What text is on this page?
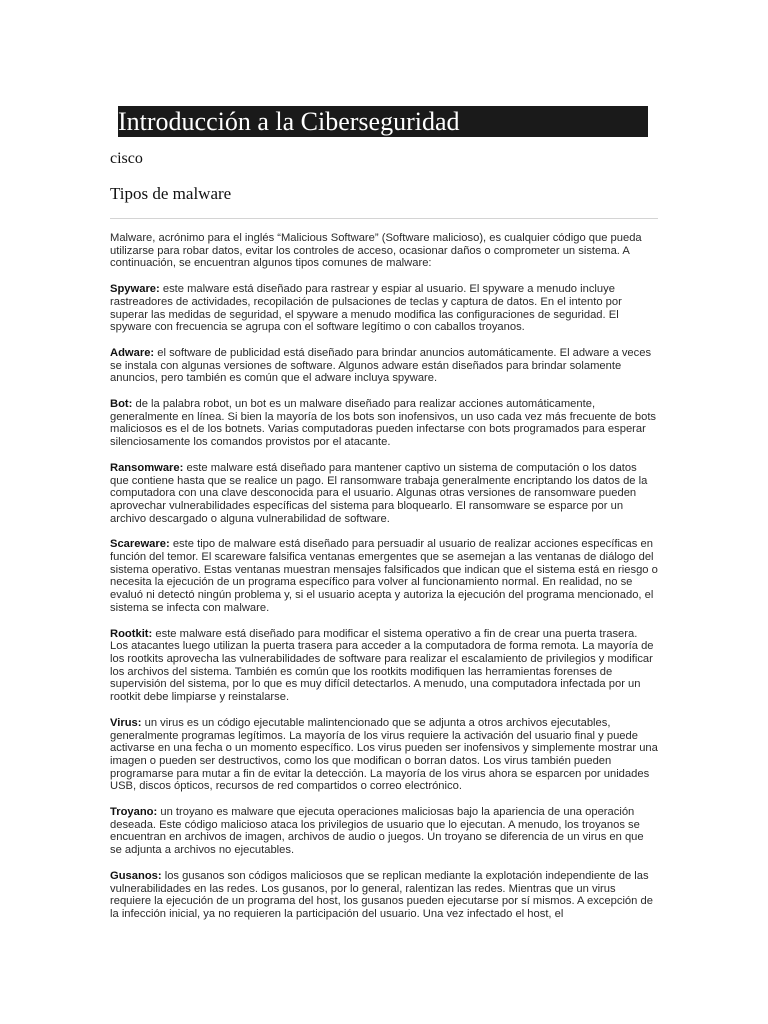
Introducción a la Ciberseguridad
cisco
Tipos de malware

Malware, acrónimo para el inglés “Malicious Software” (Software malicioso), es cualquier código que pueda utilizarse para robar datos, evitar los controles de acceso, ocasionar daños o comprometer un sistema. A continuación, se encuentran algunos tipos comunes de malware:

Spyware: este malware está diseñado para rastrear y espiar al usuario. El spyware a menudo incluye rastreadores de actividades, recopilación de pulsaciones de teclas y captura de datos. En el intento por superar las medidas de seguridad, el spyware a menudo modifica las configuraciones de seguridad. El spyware con frecuencia se agrupa con el software legítimo o con caballos troyanos.

Adware: el software de publicidad está diseñado para brindar anuncios automáticamente. El adware a veces se instala con algunas versiones de software. Algunos adware están diseñados para brindar solamente anuncios, pero también es común que el adware incluya spyware.

Bot: de la palabra robot, un bot es un malware diseñado para realizar acciones automáticamente, generalmente en línea. Si bien la mayoría de los bots son inofensivos, un uso cada vez más frecuente de bots maliciosos es el de los botnets. Varias computadoras pueden infectarse con bots programados para esperar silenciosamente los comandos provistos por el atacante.

Ransomware: este malware está diseñado para mantener captivo un sistema de computación o los datos que contiene hasta que se realice un pago. El ransomware trabaja generalmente encriptando los datos de la computadora con una clave desconocida para el usuario. Algunas otras versiones de ransomware pueden aprovechar vulnerabilidades específicas del sistema para bloquearlo. El ransomware se esparce por un archivo descargado o alguna vulnerabilidad de software.

Scareware: este tipo de malware está diseñado para persuadir al usuario de realizar acciones específicas en función del temor. El scareware falsifica ventanas emergentes que se asemejan a las ventanas de diálogo del sistema operativo. Estas ventanas muestran mensajes falsificados que indican que el sistema está en riesgo o necesita la ejecución de un programa específico para volver al funcionamiento normal. En realidad, no se evaluó ni detectó ningún problema y, si el usuario acepta y autoriza la ejecución del programa mencionado, el sistema se infecta con malware.

Rootkit: este malware está diseñado para modificar el sistema operativo a fin de crear una puerta trasera. Los atacantes luego utilizan la puerta trasera para acceder a la computadora de forma remota. La mayoría de los rootkits aprovecha las vulnerabilidades de software para realizar el escalamiento de privilegios y modificar los archivos del sistema. También es común que los rootkits modifiquen las herramientas forenses de supervisión del sistema, por lo que es muy difícil detectarlos. A menudo, una computadora infectada por un rootkit debe limpiarse y reinstalarse.

Virus: un virus es un código ejecutable malintencionado que se adjunta a otros archivos ejecutables, generalmente programas legítimos. La mayoría de los virus requiere la activación del usuario final y puede activarse en una fecha o un momento específico. Los virus pueden ser inofensivos y simplemente mostrar una imagen o pueden ser destructivos, como los que modifican o borran datos. Los virus también pueden programarse para mutar a fin de evitar la detección. La mayoría de los virus ahora se esparcen por unidades USB, discos ópticos, recursos de red compartidos o correo electrónico.

Troyano: un troyano es malware que ejecuta operaciones maliciosas bajo la apariencia de una operación deseada. Este código malicioso ataca los privilegios de usuario que lo ejecutan. A menudo, los troyanos se encuentran en archivos de imagen, archivos de audio o juegos. Un troyano se diferencia de un virus en que se adjunta a archivos no ejecutables.

Gusanos: los gusanos son códigos maliciosos que se replican mediante la explotación independiente de las vulnerabilidades en las redes. Los gusanos, por lo general, ralentizan las redes. Mientras que un virus requiere la ejecución de un programa del host, los gusanos pueden ejecutarse por sí mismos. A excepción de la infección inicial, ya no requieren la participación del usuario. Una vez infectado el host, el
